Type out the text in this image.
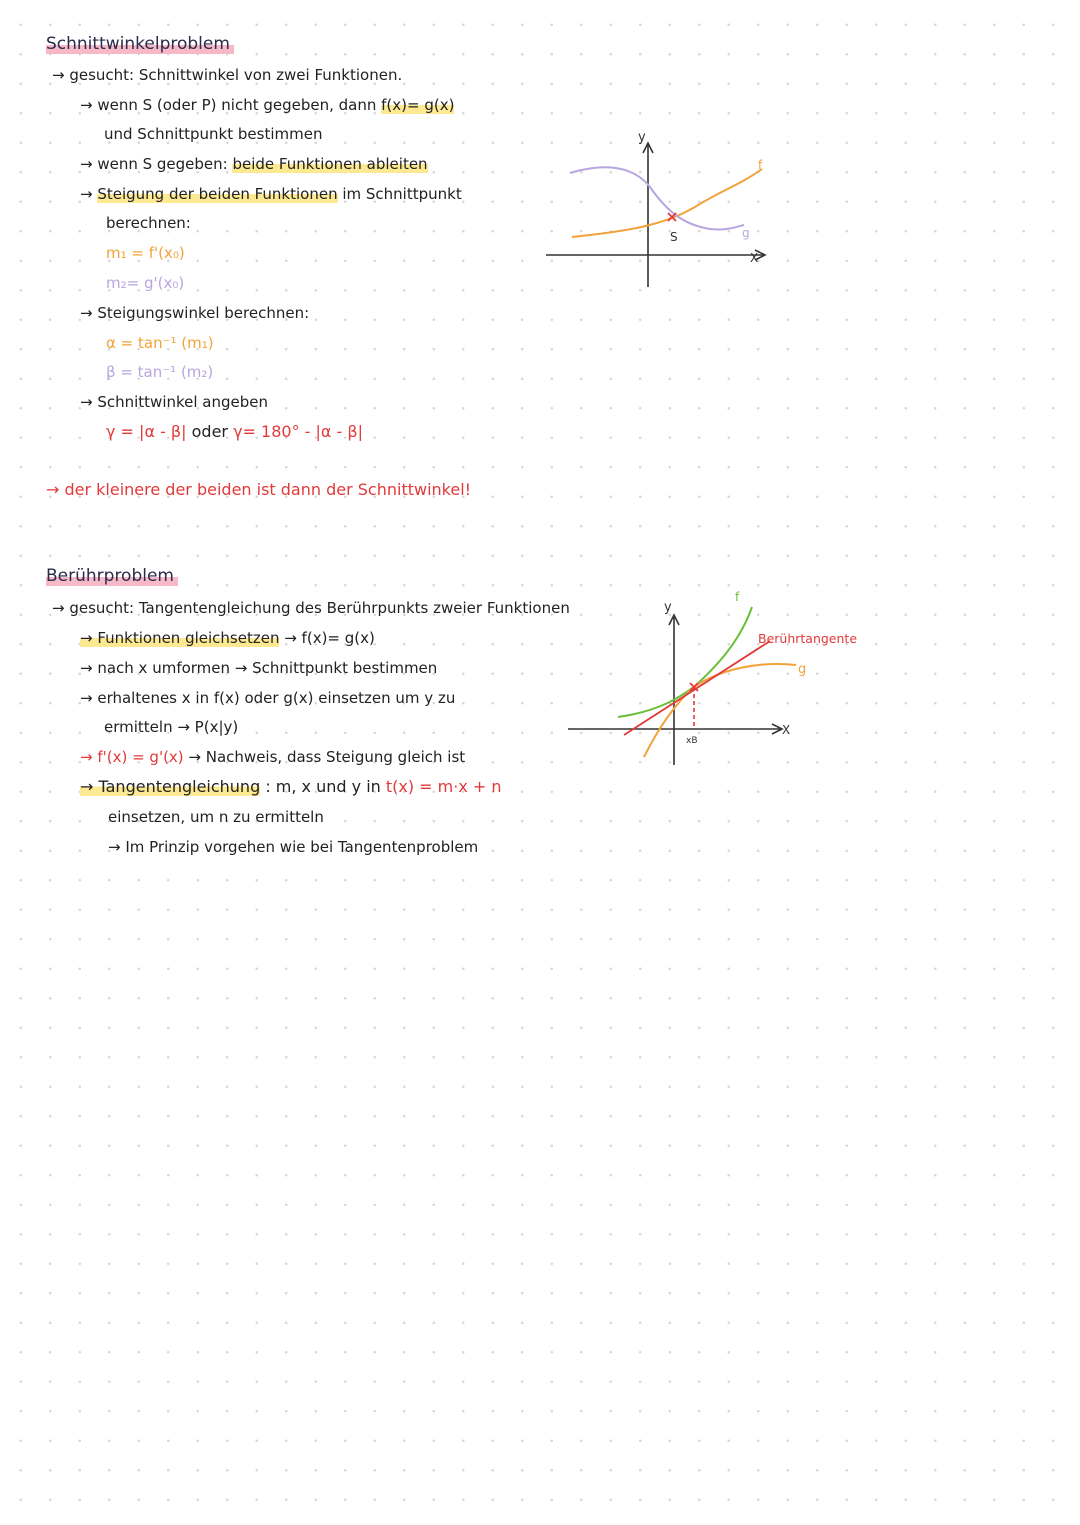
Schnittwinkelproblem
→ gesucht: Schnittwinkel von zwei Funktionen.
→ wenn S (oder P) nicht gegeben, dann f(x)= g(x)
und Schnittpunkt bestimmen
→ wenn S gegeben: beide Funktionen ableiten
→ Steigung der beiden Funktionen im Schnittpunkt
berechnen:
m₁ = f'(x₀)
m₂= g'(x₀)
→ Steigungswinkel berechnen:
α = tan⁻¹ (m₁)
β = tan⁻¹ (m₂)
→ Schnittwinkel angeben
γ = |α - β| oder γ= 180° - |α - β|
→ der kleinere der beiden ist dann der Schnittwinkel!
y
X
f
g
S
Berührproblem
→ gesucht: Tangentengleichung des Berührpunkts zweier Funktionen
→ Funktionen gleichsetzen → f(x)= g(x)
→ nach x umformen → Schnittpunkt bestimmen
→ erhaltenes x in f(x) oder g(x) einsetzen um y zu
ermitteln → P(x|y)
→ f'(x) = g'(x) → Nachweis, dass Steigung gleich ist
→ Tangentengleichung : m, x und y in t(x) = m·x + n
einsetzen, um n zu ermitteln
→ Im Prinzip vorgehen wie bei Tangentenproblem
y
X
f
g
Berührtangente
xB
